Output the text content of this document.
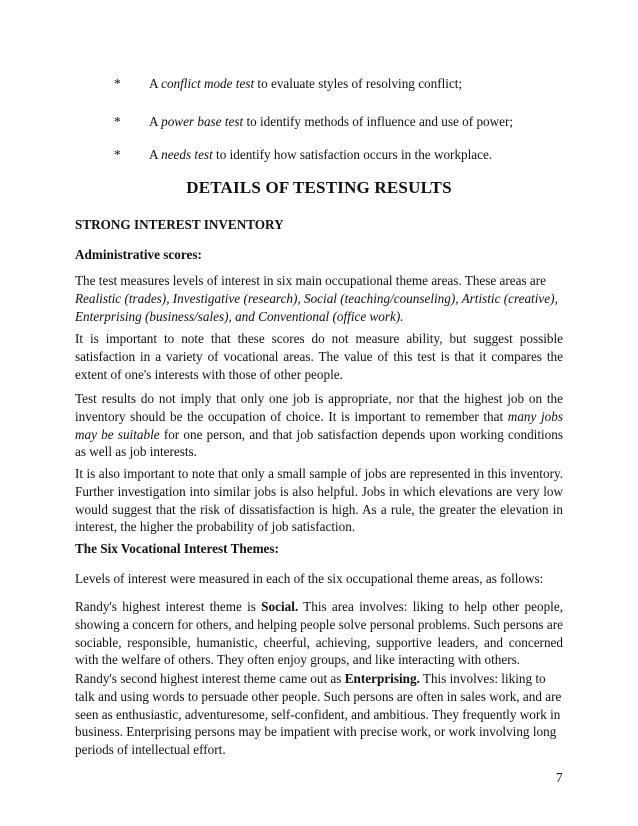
* A conflict mode test to evaluate styles of resolving conflict;
* A power base test to identify methods of influence and use of power;
* A needs test to identify how satisfaction occurs in the workplace.
DETAILS OF TESTING RESULTS
STRONG INTEREST INVENTORY
Administrative scores:
The test measures levels of interest in six main occupational theme areas. These areas are
Realistic (trades), Investigative (research), Social (teaching/counseling), Artistic (creative), Enterprising (business/sales), and Conventional (office work).
It is important to note that these scores do not measure ability, but suggest possible satisfaction in a variety of vocational areas. The value of this test is that it compares the extent of one's interests with those of other people.
Test results do not imply that only one job is appropriate, nor that the highest job on the inventory should be the occupation of choice. It is important to remember that many jobs may be suitable for one person, and that job satisfaction depends upon working conditions as well as job interests.
It is also important to note that only a small sample of jobs are represented in this inventory. Further investigation into similar jobs is also helpful. Jobs in which elevations are very low would suggest that the risk of dissatisfaction is high. As a rule, the greater the elevation in interest, the higher the probability of job satisfaction.
The Six Vocational Interest Themes:
Levels of interest were measured in each of the six occupational theme areas, as follows:
Randy's highest interest theme is Social. This area involves: liking to help other people, showing a concern for others, and helping people solve personal problems. Such persons are sociable, responsible, humanistic, cheerful, achieving, supportive leaders, and concerned with the welfare of others. They often enjoy groups, and like interacting with others.
Randy's second highest interest theme came out as Enterprising. This involves: liking to talk and using words to persuade other people. Such persons are often in sales work, and are seen as enthusiastic, adventuresome, self-confident, and ambitious. They frequently work in business. Enterprising persons may be impatient with precise work, or work involving long periods of intellectual effort.
7
